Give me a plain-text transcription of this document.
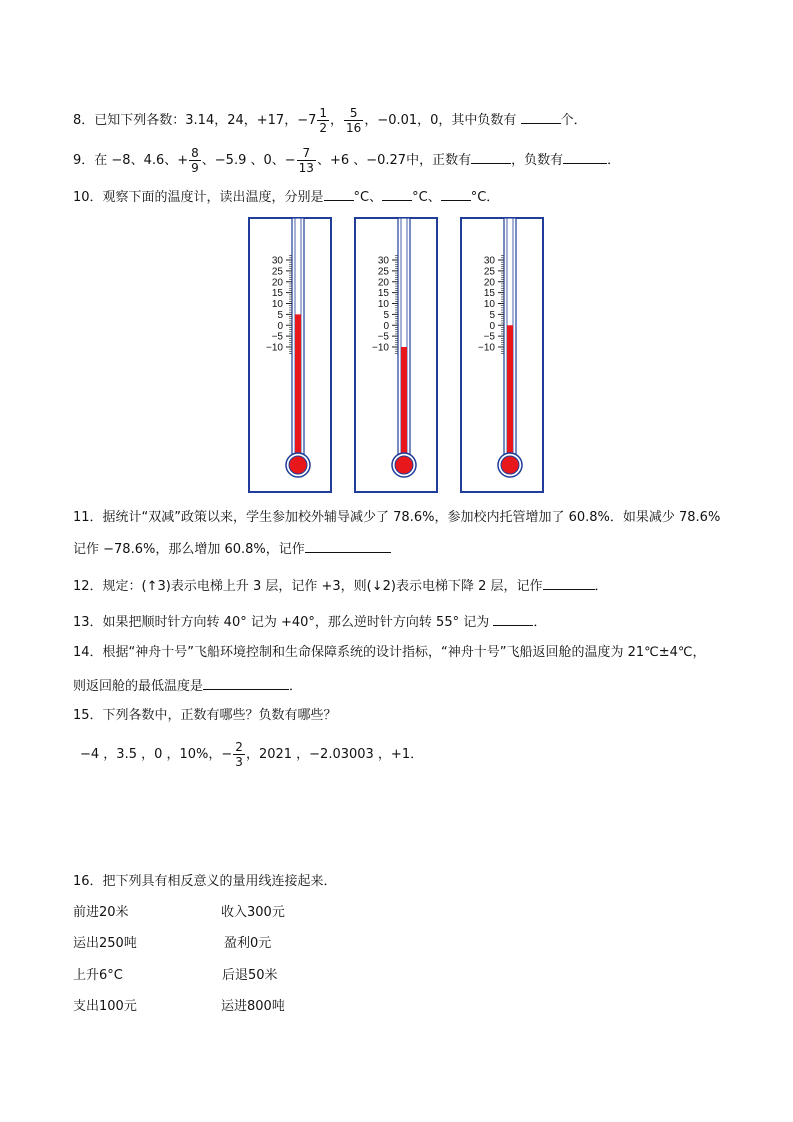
8．已知下列各数：3.14，24，+17，$-7 \frac{1}{2}$ ， $\frac{5}{16}$ ，−0.01，0，其中负数有	个．
9．在 −8、4.6、+ $\frac{8}{9}$ 、−5.9 、0、− $\frac{7}{13}$ 、+6 、−0.27中，正数有	，负数有	．
10．观察下面的温度计，读出温度，分别是 °C、 °C、 °C．
30
25
20
15
10
5
0
−5
−10
30
25
20
15
10
5
0
−5
−10
30
25
20
15
10
5
0
−5
−10
11．据统计“双减”政策以来，学生参加校外辅导减少了 78.6%，参加校内托管增加了 60.8%．如果减少 78.6%
记作 −78.6%，那么增加 60.8%，记作
12．规定：(↑3)表示电梯上升 3 层，记作 +3，则(↓2)表示电梯下降 2 层，记作	．
13．如果把顺时针方向转 40° 记为 +40°，那么逆时针方向转 55° 记为	．
14．根据“神舟十号”飞船环境控制和生命保障系统的设计指标，“神舟十号”飞船返回舱的温度为 21℃±4℃，
则返回舱的最低温度是	．
15．下列各数中，正数有哪些？负数有哪些？
−4 ，3.5 ，0 ，10%，− $\frac{2}{3}$ ，2021 ，−2.03003 ，+1．
16．把下列具有相反意义的量用线连接起来．
前进20米	收入300元
运出250吨	盈利0元
上升6°C	后退50米
支出100元	运进800吨
